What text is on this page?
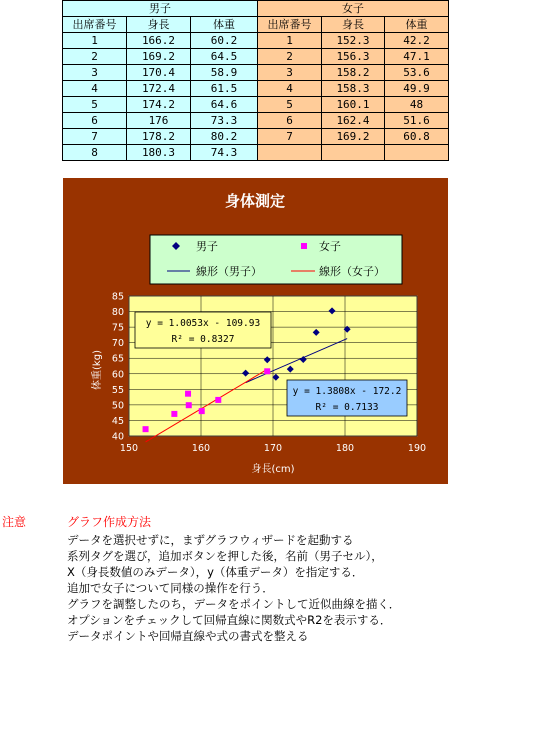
男子			女子		
出席番号	身長	体重	出席番号	身長	体重
1	166.2	60.2	1	152.3	42.2
2	169.2	64.5	2	156.3	47.1
3	170.4	58.9	3	158.2	53.6
4	172.4	61.5	4	158.3	49.9
5	174.2	64.6	5	160.1	48
6	176	73.3	6	162.4	51.6
7	178.2	80.2	7	169.2	60.8
8	180.3	74.3			
身体測定
男子	女子
線形（男子）	線形（女子）
40
45
50
55
60
65
70
75
80
85
150	160	170	180	190
y = 1.0053x - 109.93
R² = 0.8327
y = 1.3808x - 172.2
R² = 0.7133
身長(cm)
体重(kg)
注意	グラフ作成方法
データを選択せずに，まずグラフウィザードを起動する
系列タグを選び，追加ボタンを押した後，名前（男子セル），
X（身長数値のみデータ），y（体重データ）を指定する．
追加で女子について同様の操作を行う．
グラフを調整したのち，データをポイントして近似曲線を描く．
オプションをチェックして回帰直線に関数式やR2を表示する．
データポイントや回帰直線や式の書式を整える
